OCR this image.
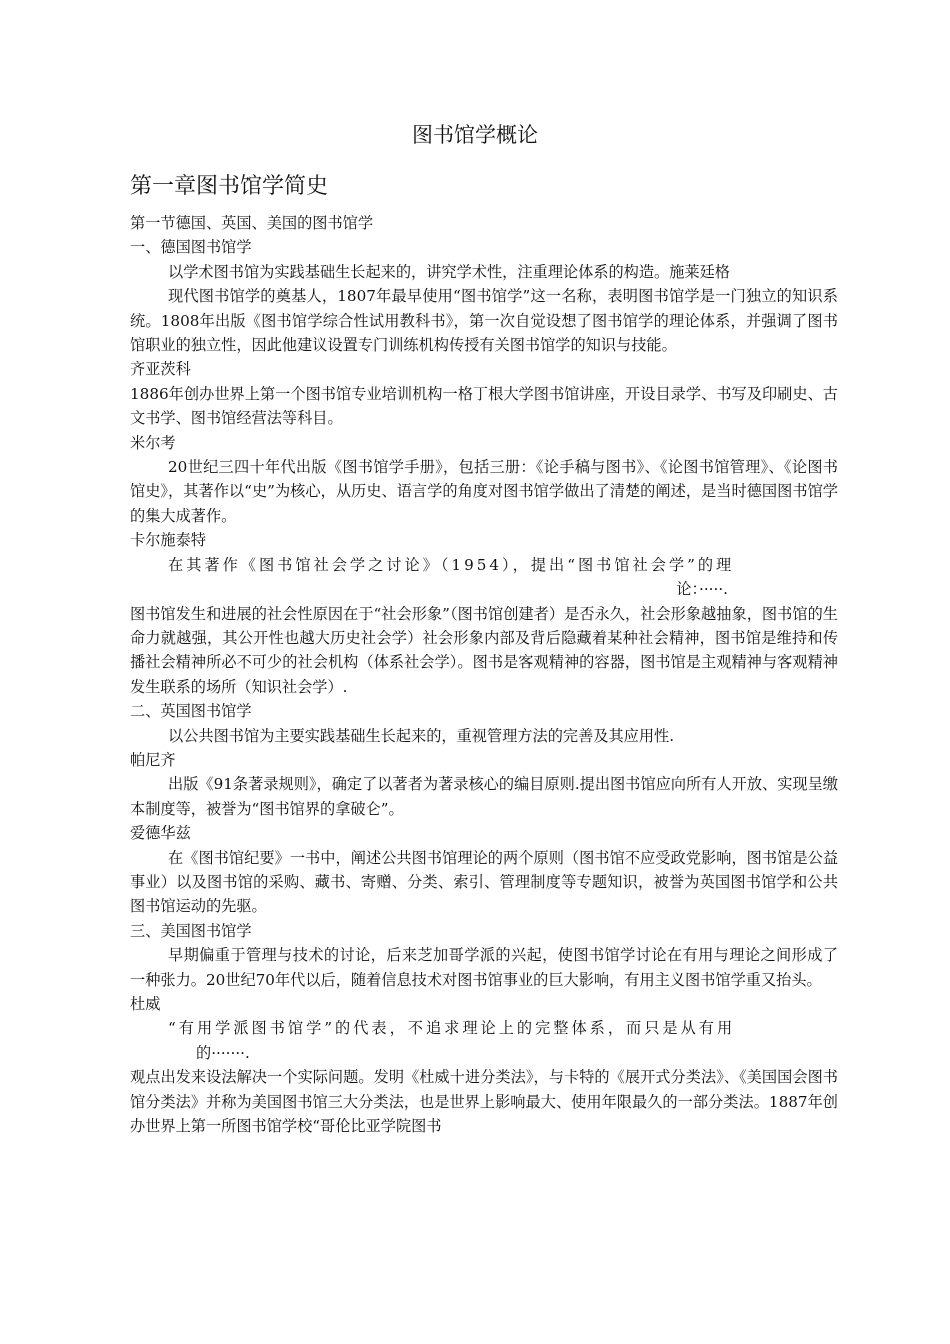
图书馆学概论
第一章图书馆学简史

第一节德国、英国、美国的图书馆学

一、德国图书馆学

以学术图书馆为实践基础生长起来的，讲究学术性，注重理论体系的构造。施莱廷格

现代图书馆学的奠基人，1807年最早使用“图书馆学”这一名称，表明图书馆学是一门独立的知识系统。1808年出版《图书馆学综合性试用教科书》，第一次自觉设想了图书馆学的理论体系，并强调了图书馆职业的独立性，因此他建议设置专门训练机构传授有关图书馆学的知识与技能。

齐亚茨科

1886年创办世界上第一个图书馆专业培训机构一格丁根大学图书馆讲座，开设目录学、书写及印刷史、古文书学、图书馆经营法等科目。

米尔考

20世纪三四十年代出版《图书馆学手册》，包括三册：《论手稿与图书》、《论图书馆管理》、《论图书馆史》，其著作以“史”为核心，从历史、语言学的角度对图书馆学做出了清楚的阐述，是当时德国图书馆学的集大成著作。

卡尔施泰特

在其著作《图书馆社会学之讨论》（1954），提出“图书馆社会学”的理

论：·····.

图书馆发生和进展的社会性原因在于“社会形象”（图书馆创建者）是否永久，社会形象越抽象，图书馆的生命力就越强，其公开性也越大历史社会学）社会形象内部及背后隐藏着某种社会精神，图书馆是维持和传播社会精神所必不可少的社会机构（体系社会学）。图书是客观精神的容器，图书馆是主观精神与客观精神发生联系的场所（知识社会学）.

二、英国图书馆学

以公共图书馆为主要实践基础生长起来的，重视管理方法的完善及其应用性.

帕尼齐

出版《91条著录规则》，确定了以著者为著录核心的编目原则.提出图书馆应向所有人开放、实现呈缴本制度等，被誉为“图书馆界的拿破仑”。

爱德华兹

在《图书馆纪要》一书中，阐述公共图书馆理论的两个原则（图书馆不应受政党影响，图书馆是公益事业）以及图书馆的采购、藏书、寄赠、分类、索引、管理制度等专题知识，被誉为英国图书馆学和公共图书馆运动的先驱。

三、美国图书馆学

早期偏重于管理与技术的讨论，后来芝加哥学派的兴起，使图书馆学讨论在有用与理论之间形成了 一种张力。20世纪70年代以后，随着信息技术对图书馆事业的巨大影响，有用主义图书馆学重又抬头。

杜威

“有用学派图书馆学”的代表，不追求理论上的完整体系，而只是从有用

的·······.

观点出发来设法解决一个实际问题。发明《杜威十进分类法》，与卡特的《展开式分类法》、《美国国会图书馆分类法》并称为美国图书馆三大分类法，也是世界上影响最大、使用年限最久的一部分类法。1887年创办世界上第一所图书馆学校“哥伦比亚学院图书
